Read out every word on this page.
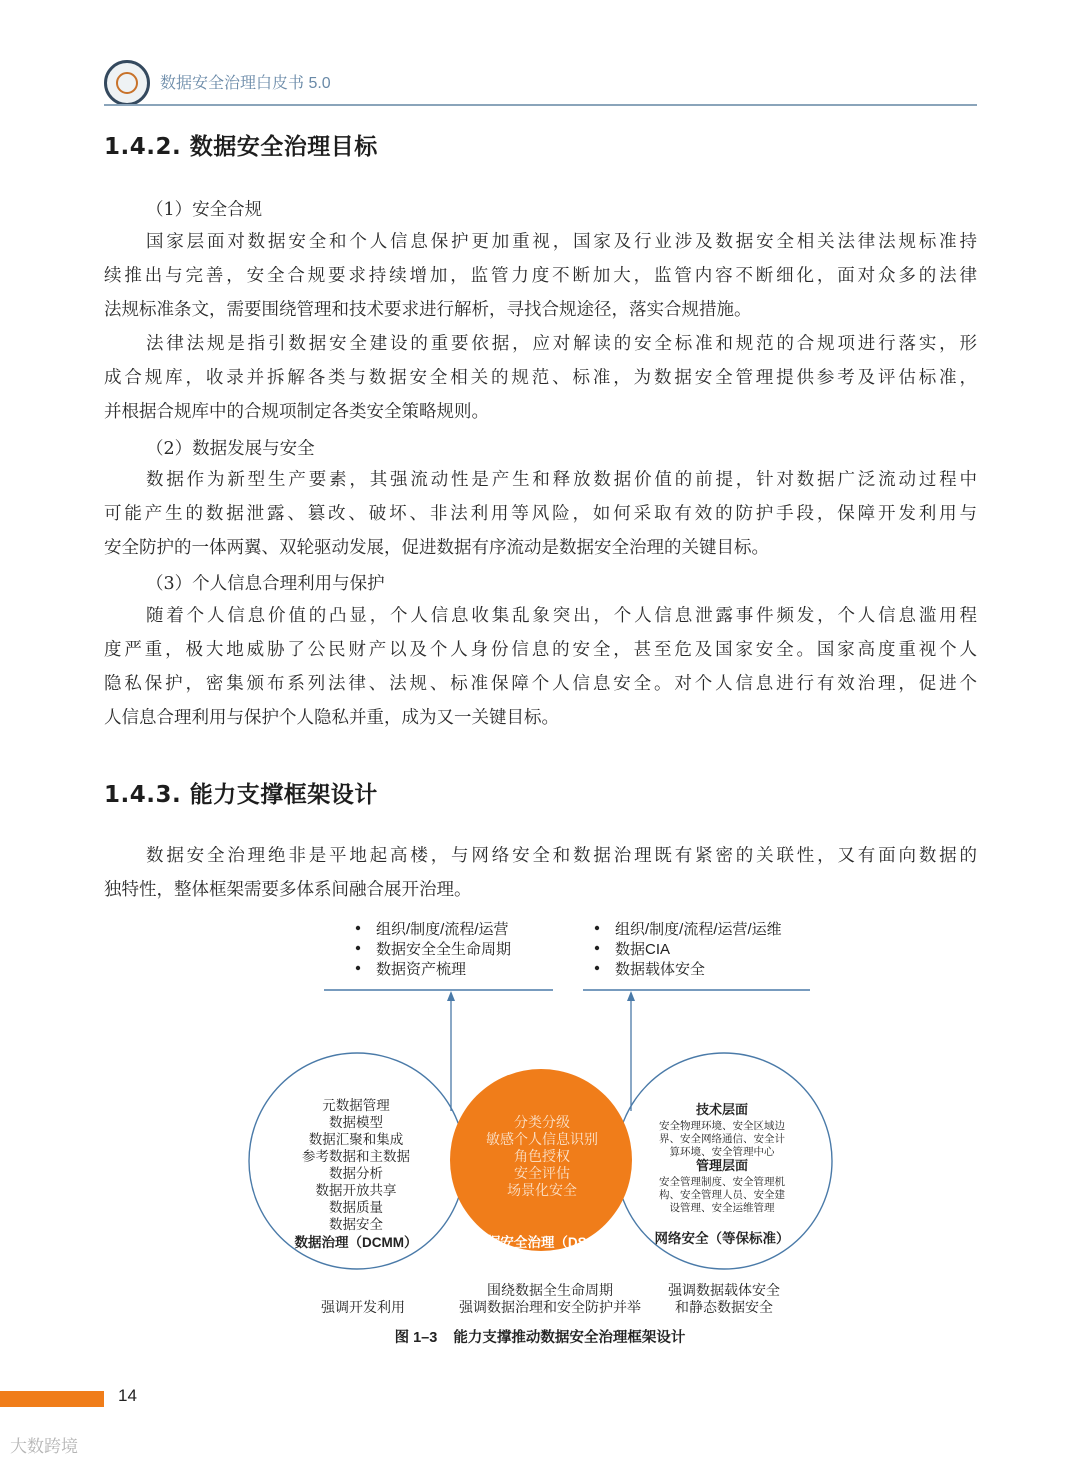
数据安全治理白皮书 5.0
1.4.2. 数据安全治理目标
（1）安全合规
国家层面对数据安全和个人信息保护更加重视，国家及行业涉及数据安全相关法律法规标准持
续推出与完善，安全合规要求持续增加，监管力度不断加大，监管内容不断细化，面对众多的法律
法规标准条文，需要围绕管理和技术要求进行解析，寻找合规途径，落实合规措施。
法律法规是指引数据安全建设的重要依据，应对解读的安全标准和规范的合规项进行落实，形
成合规库，收录并拆解各类与数据安全相关的规范、标准，为数据安全管理提供参考及评估标准，
并根据合规库中的合规项制定各类安全策略规则。
（2）数据发展与安全
数据作为新型生产要素，其强流动性是产生和释放数据价值的前提，针对数据广泛流动过程中
可能产生的数据泄露、篡改、破坏、非法利用等风险，如何采取有效的防护手段，保障开发利用与
安全防护的一体两翼、双轮驱动发展，促进数据有序流动是数据安全治理的关键目标。
（3）个人信息合理利用与保护
随着个人信息价值的凸显，个人信息收集乱象突出，个人信息泄露事件频发，个人信息滥用程
度严重，极大地威胁了公民财产以及个人身份信息的安全，甚至危及国家安全。国家高度重视个人
隐私保护，密集颁布系列法律、法规、标准保障个人信息安全。对个人信息进行有效治理，促进个
人信息合理利用与保护个人隐私并重，成为又一关键目标。
1.4.3. 能力支撑框架设计
数据安全治理绝非是平地起高楼，与网络安全和数据治理既有紧密的关联性，又有面向数据的
独特性，整体框架需要多体系间融合展开治理。
组织/制度/流程/运营
数据安全全生命周期
数据资产梳理
组织/制度/流程/运营/运维
数据CIA
数据载体安全
元数据管理
数据模型
数据汇聚和集成
参考数据和主数据
数据分析
数据开放共享
数据质量
数据安全
数据治理（DCMM）
分类分级
敏感个人信息识别
角色授权
安全评估
场景化安全
数据安全治理（DSG）
技术层面
安全物理环境、安全区域边
界、安全网络通信、安全计
算环境、安全管理中心
管理层面
安全管理制度、安全管理机
构、安全管理人员、安全建
设管理、安全运维管理
网络安全（等保标准）
强调开发利用
围绕数据全生命周期
强调数据治理和安全防护并举
强调数据载体安全
和静态数据安全
图 1–3    能力支撑推动数据安全治理框架设计
14
大数跨境
